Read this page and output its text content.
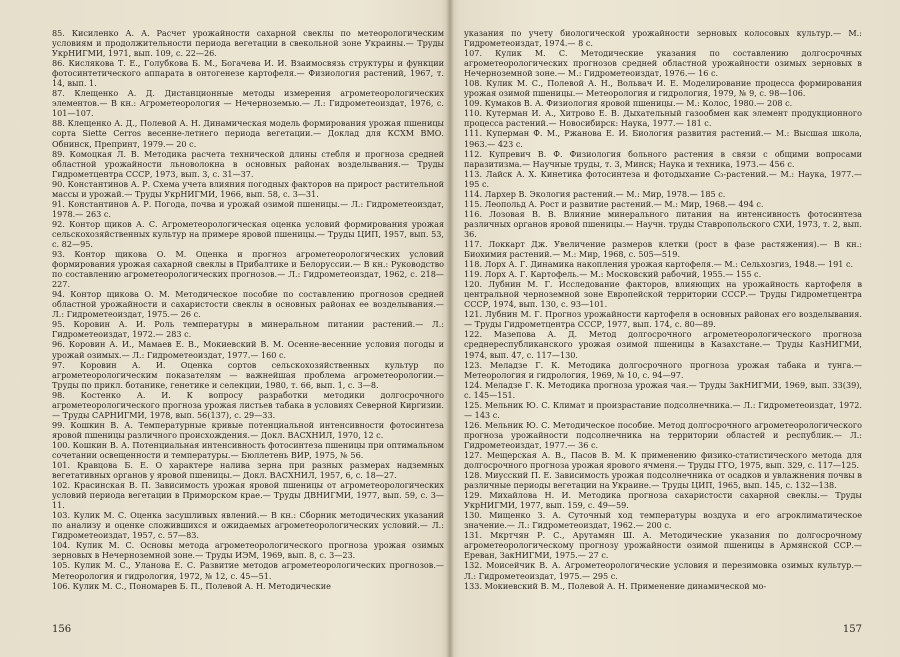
85. Кисиленко А. А. Расчет урожайности сахарной свеклы по метеорологическим условиям и продолжительности периода вегетации в свекольной зоне Украины.— Труды УкрНИГМИ, 1971, вып. 109, с. 22—26.

86. Кислякова Т. Е., Голубкова Б. М., Богачева И. И. Взаимосвязь структуры и функции фотосинтетического аппарата в онтогенезе картофеля.— Физиология растений, 1967, т. 14, вып. 1.

87. Клещенко А. Д. Дистанционные методы измерения агрометеорологических элементов.— В кн.: Агрометеорология — Нечерноземью.— Л.: Гидрометеоиздат, 1976, с. 101—107.

88. Клещенко А. Д., Полевой А. Н. Динамическая модель формирования урожая пшеницы сорта Siette Cerros весенне-летнего периода вегетации.— Доклад для КСХМ ВМО. Обнинск, Препринт, 1979.— 20 с.

89. Комоцкая Л. В. Методика расчета технической длины стебля и прогноза средней областной урожайности льноволокна в основных районах возделывания.— Труды Гидрометцентра СССР, 1973, вып. 3, с. 31—37.

90. Константинов А. Р. Схема учета влияния погодных факторов на прирост растительной массы и урожай.— Труды УкрНИГМИ, 1966, вып. 58, с. 3—31.

91. Константинов А. Р. Погода, почва и урожай озимой пшеницы.— Л.: Гидрометеоиздат, 1978.— 263 с.

92. Контор щиков А. С. Агрометеорологическая оценка условий формирования урожая сельскохозяйственных культур на примере яровой пшеницы.— Труды ЦИП, 1957, вып. 53, с. 82—95.

93. Контор щикова О. М. Оценка и прогноз агрометеорологических условий формирования урожая сахарной свеклы в Прибалтике и Белоруссии.— В кн.: Руководство по составлению агрометеорологических прогнозов.— Л.: Гидрометеоиздат, 1962, с. 218—227.

94. Контор щикова О. М. Методическое пособие по составлению прогнозов средней областной урожайности и сахаристости свеклы в основных районах ее возделывания.— Л.: Гидрометеоиздат, 1975.— 26 с.

95. Коровин А. И. Роль температуры в минеральном питании растений.— Л.: Гидрометеоиздат, 1972.— 283 с.

96. Коровин А. И., Мамаев Е. В., Мокиевский В. М. Осенне-весенние условия погоды и урожай озимых.— Л.: Гидрометеоиздат, 1977.— 160 с.

97. Коровин А. И. Оценка сортов сельскохозяйственных культур по агрометеорологическим показателям — важнейшая проблема агрометеорологии.— Труды по прикл. ботанике, генетике и селекции, 1980, т. 66, вып. 1, с. 3—8.

98. Костенко А. И. К вопросу разработки методики долгосрочного агрометеорологического прогноза урожая листьев табака в условиях Северной Киргизии.— Труды САРНИГМИ, 1978, вып. 56(137), с. 29—33.

99. Кошкин В. А. Температурные кривые потенциальной интенсивности фотосинтеза яровой пшеницы различного происхождения.— Докл. ВАСХНИЛ, 1970, 12 с.

100. Кошкин В. А. Потенциальная интенсивность фотосинтеза пшеницы при оптимальном сочетании освещенности и температуры.— Бюллетень ВИР, 1975, № 56.

101. Кравцова Б. Е. О характере налива зерна при разных размерах надземных вегетативных органов у яровой пшеницы.— Докл. ВАСХНИЛ, 1957, 6, с. 18—27.

102. Красинская В. П. Зависимость урожая яровой пшеницы от агрометеорологических условий периода вегетации в Приморском крае.— Труды ДВНИГМИ, 1977, вып. 59, с. 3—11.

103. Кулик М. С. Оценка засушливых явлений.— В кн.: Сборник методических указаний по анализу и оценке сложившихся и ожидаемых агрометеорологических условий.— Л.: Гидрометеоиздат, 1957, с. 57—83.

104. Кулик М. С. Основы метода агрометеорологического прогноза урожая озимых зерновых в Нечерноземной зоне.— Труды ИЭМ, 1969, вып. 8, с. 3—23.

105. Кулик М. С., Уланова Е. С. Развитие методов агрометеорологических прогнозов.— Метеорология и гидрология, 1972, № 12, с. 45—51.

106. Кулик М. С., Пономарев Б. П., Полевой А. Н. Методические

156

указания по учету биологической урожайности зерновых колосовых культур.— М.: Гидрометеоиздат, 1974.— 8 с.

107. Кулик М. С. Методические указания по составлению долгосрочных агрометеорологических прогнозов средней областной урожайности озимых зерновых в Нечерноземной зоне.— М.: Гидрометеоиздат, 1976.— 16 с.

108. Кулик М. С., Полевой А. Н., Вольвач И. Е. Моделирование процесса формирования урожая озимой пшеницы.— Метеорология и гидрология, 1979, № 9, с. 98—106.

109. Кумаков В. А. Физиология яровой пшеницы.— М.: Колос, 1980.— 208 с.

110. Кутерман И. А., Хитрово Е. В. Дыхательный газообмен как элемент продукционного процесса растений.— Новосибирск: Наука, 1977.— 181 с.

111. Куперман Ф. М., Ржанова Е. И. Биология развития растений.— М.: Высшая школа, 1963.— 423 с.

112. Купревич В. Ф. Физиология больного растения в связи с общими вопросами паразитизма.— Научные труды, т. 3, Минск; Наука и техника, 1973.— 456 с.

113. Лайск А. Х. Кинетика фотосинтеза и фотодыхание C₃-растений.— М.: Наука, 1977.— 195 с.

114. Лархер В. Экология растений.— М.: Мир, 1978.— 185 с.

115. Леопольд А. Рост и развитие растений.— М.: Мир, 1968.— 494 с.

116. Лозовая В. В. Влияние минерального питания на интенсивность фотосинтеза различных органов яровой пшеницы.— Научн. труды Ставропольского СХИ, 1973, т. 2, вып. 36.

117. Локкарт Дж. Увеличение размеров клетки (рост в фазе растяжения).— В кн.: Биохимия растений.— М.: Мир, 1968, с. 505—519.

118. Лорх А. Г. Динамика накопления урожая картофеля.— М.: Сельхозгиз, 1948.— 191 с.

119. Лорх А. Г. Картофель.— М.: Московский рабочий, 1955.— 155 с.

120. Лубнин М. Г. Исследование факторов, влияющих на урожайность картофеля в центральной черноземной зоне Европейской территории СССР.— Труды Гидрометцентра СССР, 1974, вып. 130, с. 93—101.

121. Лубнин М. Г. Прогноз урожайности картофеля в основных районах его возделывания.— Труды Гидрометцентра СССР, 1977, вып. 174, с. 80—89.

122. Мазепова А. Д. Метод долгосрочного агрометеорологического прогноза среднереспубликанского урожая озимой пшеницы в Казахстане.— Труды КазНИГМИ, 1974, вып. 47, с. 117—130.

123. Меладзе Г. К. Методика долгосрочного прогноза урожая табака и тунга.— Метеорология и гидрология, 1969, № 10, с. 94—97.

124. Меладзе Г. К. Методика прогноза урожая чая.— Труды ЗакНИГМИ, 1969, вып. 33(39), с. 145—151.

125. Мельник Ю. С. Климат и произрастание подсолнечника.— Л.: Гидрометеоиздат, 1972.— 143 с.

126. Мельник Ю. С. Методическое пособие. Метод долгосрочного агрометеорологического прогноза урожайности подсолнечника на территории областей и республик.— Л.: Гидрометеоиздат, 1977.— 36 с.

127. Мещерская А. В., Пасов В. М. К применению физико-статистического метода для долгосрочного прогноза урожая ярового ячменя.— Труды ГГО, 1975, вып. 329, с. 117—125.

128. Миусский П. Е. Зависимость урожая подсолнечника от осадков и увлажнения почвы в различные периоды вегетации на Украине.— Труды ЦИП, 1965, вып. 145, с. 132—138.

129. Михайлова Н. И. Методика прогноза сахаристости сахарной свеклы.— Труды УкрНИГМИ, 1977, вып. 159, с. 49—59.

130. Мищенко З. А. Суточный ход температуры воздуха и его агроклиматическое значение.— Л.: Гидрометеоиздат, 1962.— 200 с.

131. Мкртчян Р. С., Арутамян Ш. А. Методические указания по долгосрочному агрометеорологическому прогнозу урожайности озимой пшеницы в Армянской ССР.— Ереван, ЗакНИГМИ, 1975.— 27 с.

132. Моисейчик В. А. Агрометеорологические условия и перезимовка озимых культур.— Л.: Гидрометеоиздат, 1975.— 295 с.

133. Мокиевский В. М., Полевой А. Н. Применение динамической мо-

157
